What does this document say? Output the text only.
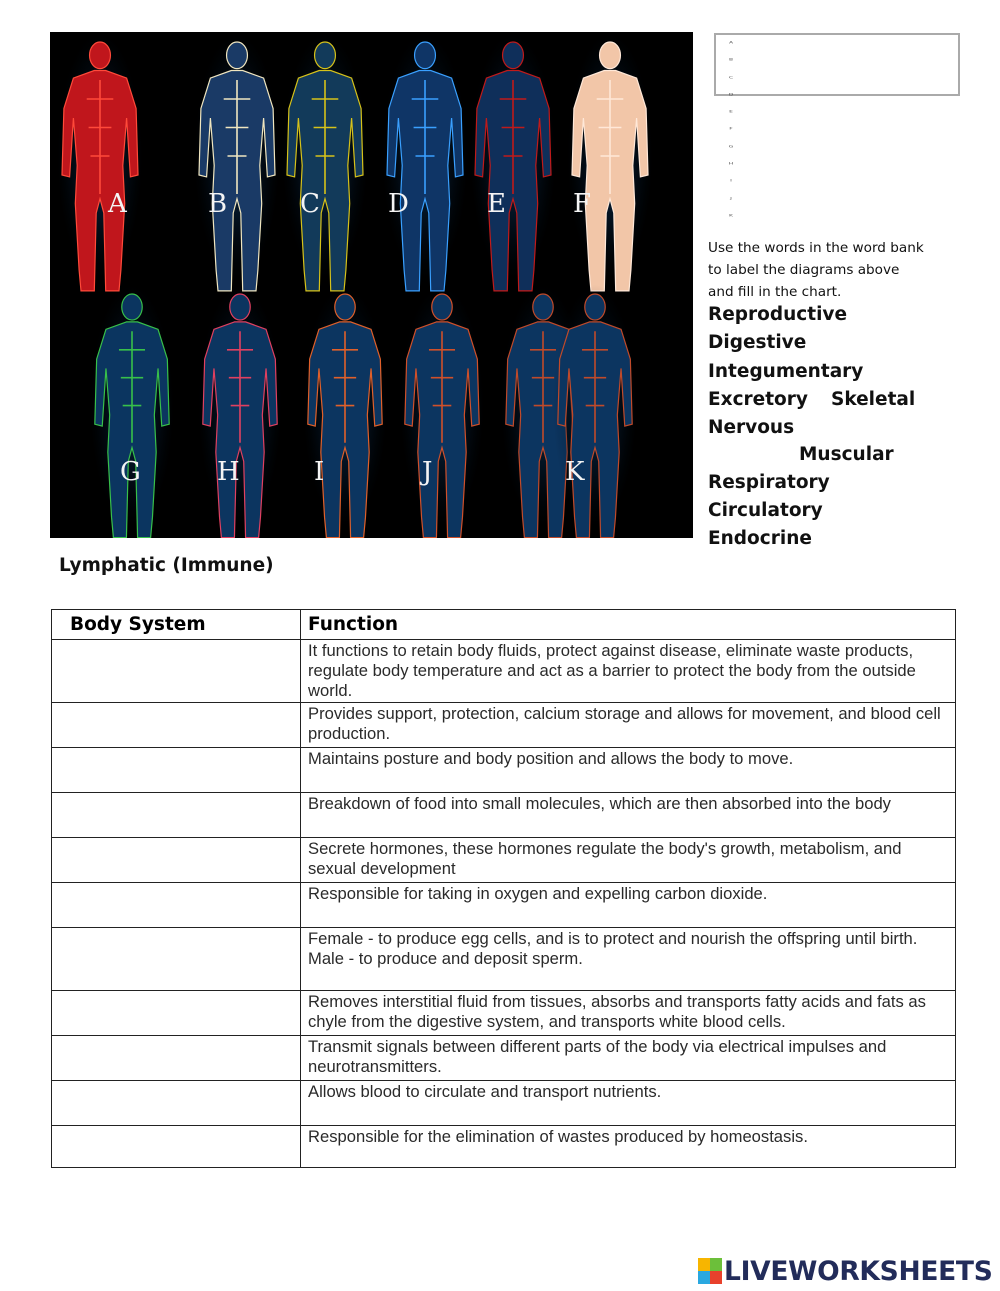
A	B	C	D	E	F
G	H	I	J	K
A
B
C
D
E
F
G
H
I
J
K
Use the words in the word bank to label the diagrams above and fill in the chart.
Reproductive
Digestive
Integumentary
Excretory Skeletal
Nervous
Muscular
Respiratory
Circulatory
Endocrine
Lymphatic (Immune)
Body System	Function
	It functions to retain body fluids, protect against disease, eliminate waste products, regulate body temperature and act as a barrier to protect the body from the outside world.
	Provides support, protection, calcium storage and allows for movement, and blood cell production.
	Maintains posture and body position and allows the body to move.
	Breakdown of food into small molecules, which are then absorbed into the body
	Secrete hormones, these hormones regulate the body's growth, metabolism, and sexual development
	Responsible for taking in oxygen and expelling carbon dioxide.

	Female - to produce egg cells, and is to protect and nourish the offspring until birth.
Male - to produce and deposit sperm.

	Removes interstitial fluid from tissues, absorbs and transports fatty acids and fats as chyle from the digestive system, and transports white blood cells.
	Transmit signals between different parts of the body via electrical impulses and neurotransmitters.
	Allows blood to circulate and transport nutrients.
	Responsible for the elimination of wastes produced by homeostasis.
LIVEWORKSHEETS
